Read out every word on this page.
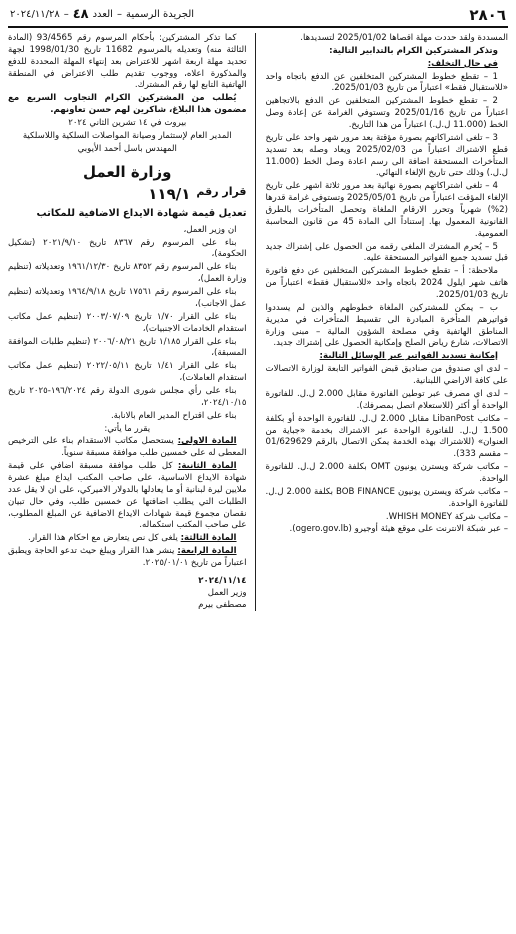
٢٨٠٦
الجريدة الرسمية
–
العدد
٤٨
–
٢٠٢٤/١١/٢٨

المسددة ولقد حددت مهلة اقصاها 2025/01/02 لتسديدها.

وتذكر المشتركين الكرام بالتدابير التالية:

في حال التخلف:

1 – تقطع خطوط المشتركين المتخلفين عن الدفع باتجاه واحد «للاستقبال فقط» اعتباراً من تاريخ 2025/01/03.

2 – تقطع خطوط المشتركين المتخلفين عن الدفع بالاتجاهين اعتباراً من تاريخ 2025/01/16 وتستوفي الغرامة عن إعادة وصل الخط (11.000 ل.ل.) اعتباراً من هذا التاريخ.

3 – تلغى اشتراكاتهم بصورة مؤقتة بعد مرور شهر واحد على تاريخ قطع الاشتراك اعتباراً من 2025/02/03 ويعاد وصله بعد تسديد المتأخرات المستحقة اضافة الى رسم اعادة وصل الخط (11.000 ل.ل.) وذلك حتى تاريخ الإلغاء النهائي.

4 – تلغى اشتراكاتهم بصورة نهائية بعد مرور ثلاثة اشهر على تاريخ الإلغاء المؤقت اعتباراً من تاريخ 2025/05/01 وتستوفى غرامة قدرها (2%) شهرياً وتحرر الارقام الملغاة وتحصل المتأخرات بالطرق القانونية المعمول بها. إستناداً الى المادة 45 من قانون المحاسبة العمومية.

5 – يُحرم المشترك الملغى رقمه من الحصول على إشتراك جديد قبل تسديد جميع الفواتير المستحقة عليه.

ملاحظة: أ – تقطع خطوط المشتركين المتخلفين عن دفع فاتورة هاتف شهر ايلول 2024 باتجاه واحد «للاستقبال فقط» اعتباراً من تاريخ 2025/01/03.

ب – يمكن للمشتركين الملغاة خطوطهم والذين لم يسددوا فواتيرهم المتأخرة المبادرة الى تقسيط المتأخرات في مديرية المناطق الهاتفية وفي مصلحة الشؤون المالية – مبنى وزارة الاتصالات، شارع رياض الصلح وإمكانية الحصول على إشتراك جديد.

إمكانية تسديد الفواتير عبر الوسائل التالية:

– لدى اي صندوق من صناديق قبض الفواتير التابعة لوزارة الاتصالات على كافة الاراضي اللبنانية.

– لدى اي مصرف عبر توطين الفاتورة مقابل 2.000 ل.ل. للفاتورة الواحدة أو أكثر (للاستعلام اتصل بمصرفك).

– مكاتب LibanPost مقابل 2.000 ل.ل. للفاتورة الواحدة أو بكلفة 1.500 ل.ل. للفاتورة الواحدة عبر الاشتراك بخدمة «جباية من العنوان» (للاشتراك بهذه الخدمة يمكن الاتصال بالرقم 01/629629 – مقسم 333).

– مكاتب شركة ويسترن يونيون OMT بكلفة 2.000 ل.ل. للفاتورة الواحدة.

– مكاتب شركة ويسترن يونيون BOB FINANCE بكلفة 2.000 ل.ل. للفاتورة الواحدة.

– مكاتب شركة WHISH MONEY.

– عبر شبكة الانترنت على موقع هيئة أوجيرو (ogero.gov.lb).

كما تذكر المشتركين: بأحكام المرسوم رقم 93/4565 (المادة الثالثة منه) وتعديله بالمرسوم 11682 تاريخ 1998/01/30 لجهة تحديد مهلة اربعة اشهر للاعتراض بعد إنتهاء المهلة المحددة للدفع والمذكورة اعلاه، ووجوب تقديم طلب الاعتراض في المنطقة الهاتفية التابع لها رقم المشترك.

يُطلب من المشتركين الكرام التجاوب السريع مع مضمون هذا البلاغ، شاكرين لهم حسن تعاونهم.

بيروت في ١٤ تشرين الثاني ٢٠٢٤

المدير العام لإستثمار وصيانة المواصلات السلكية واللاسلكية

المهندس باسل أحمد الأيوبي

وزارة العمل
قرار رقم
١١٩/١
تعديل قيمة شهادة الايداع الاضافية للمكاتب

ان وزير العمل،

بناء على المرسوم رقم ٨٣٦٧ تاريخ ٢٠٢١/٩/١٠ (تشكيل الحكومة)،

بناء على المرسوم رقم ٨٣٥٢ تاريخ ١٩٦١/١٢/٣٠ وتعديلاته (تنظيم وزارة العمل)،

بناء على المرسوم رقم ١٧٥٦١ تاريخ ١٩٦٤/٩/١٨ وتعديلاته (تنظيم عمل الاجانب)،

بناء على القرار ١/٧٠ تاريخ ٢٠٠٣/٠٧/٠٩ (تنظيم عمل مكاتب استقدام الخادمات الاجنبيات)،

بناء على القرار ١/١٨٥ تاريخ ٢٠٠٦/٠٨/٢١ (تنظيم طلبات الموافقة المسبقة)،

بناء على القرار ١/٤١ تاريخ ٢٠٢٢/٠٥/١١ (تنظيم عمل مكاتب استقدام العاملات)،

بناء على رأي مجلس شورى الدولة رقم ١٩٦/٢٠٢٤-٢٠٢٥ تاريخ ٢٠٢٤/١٠/١٥،

بناء على اقتراح المدير العام بالانابة.

يقرر ما يأتي:

المادة الاولى: يستحصل مكاتب الاستقدام بناء على الترخيص المعطى له على خمسين طلب موافقة مسبقة سنوياً.

المادة الثانية: كل طلب موافقة مسبقة اضافي على قيمة شهادة الايداع الاساسية، على صاحب المكتب ايداع مبلغ عشرة ملايين ليرة لبنانية أو ما يعادلها بالدولار الاميركي، على ان لا يقل عدد الطلبات التي يطلب اضافتها عن خمسين طلب، وفي حال تبيان نقصان مجموع قيمة شهادات الايداع الاضافية عن المبلغ المطلوب، على صاحب المكتب استكماله.

المادة الثالثة: يلغى كل نص يتعارض مع احكام هذا القرار.

المادة الرابعة: ينشر هذا القرار ويبلغ حيث تدعو الحاجة ويطبق اعتباراً من تاريخ ٢٠٢٥/٠١/٠١.

٢٠٢٤/١١/١٤

وزير العمل

مصطفى بيرم
